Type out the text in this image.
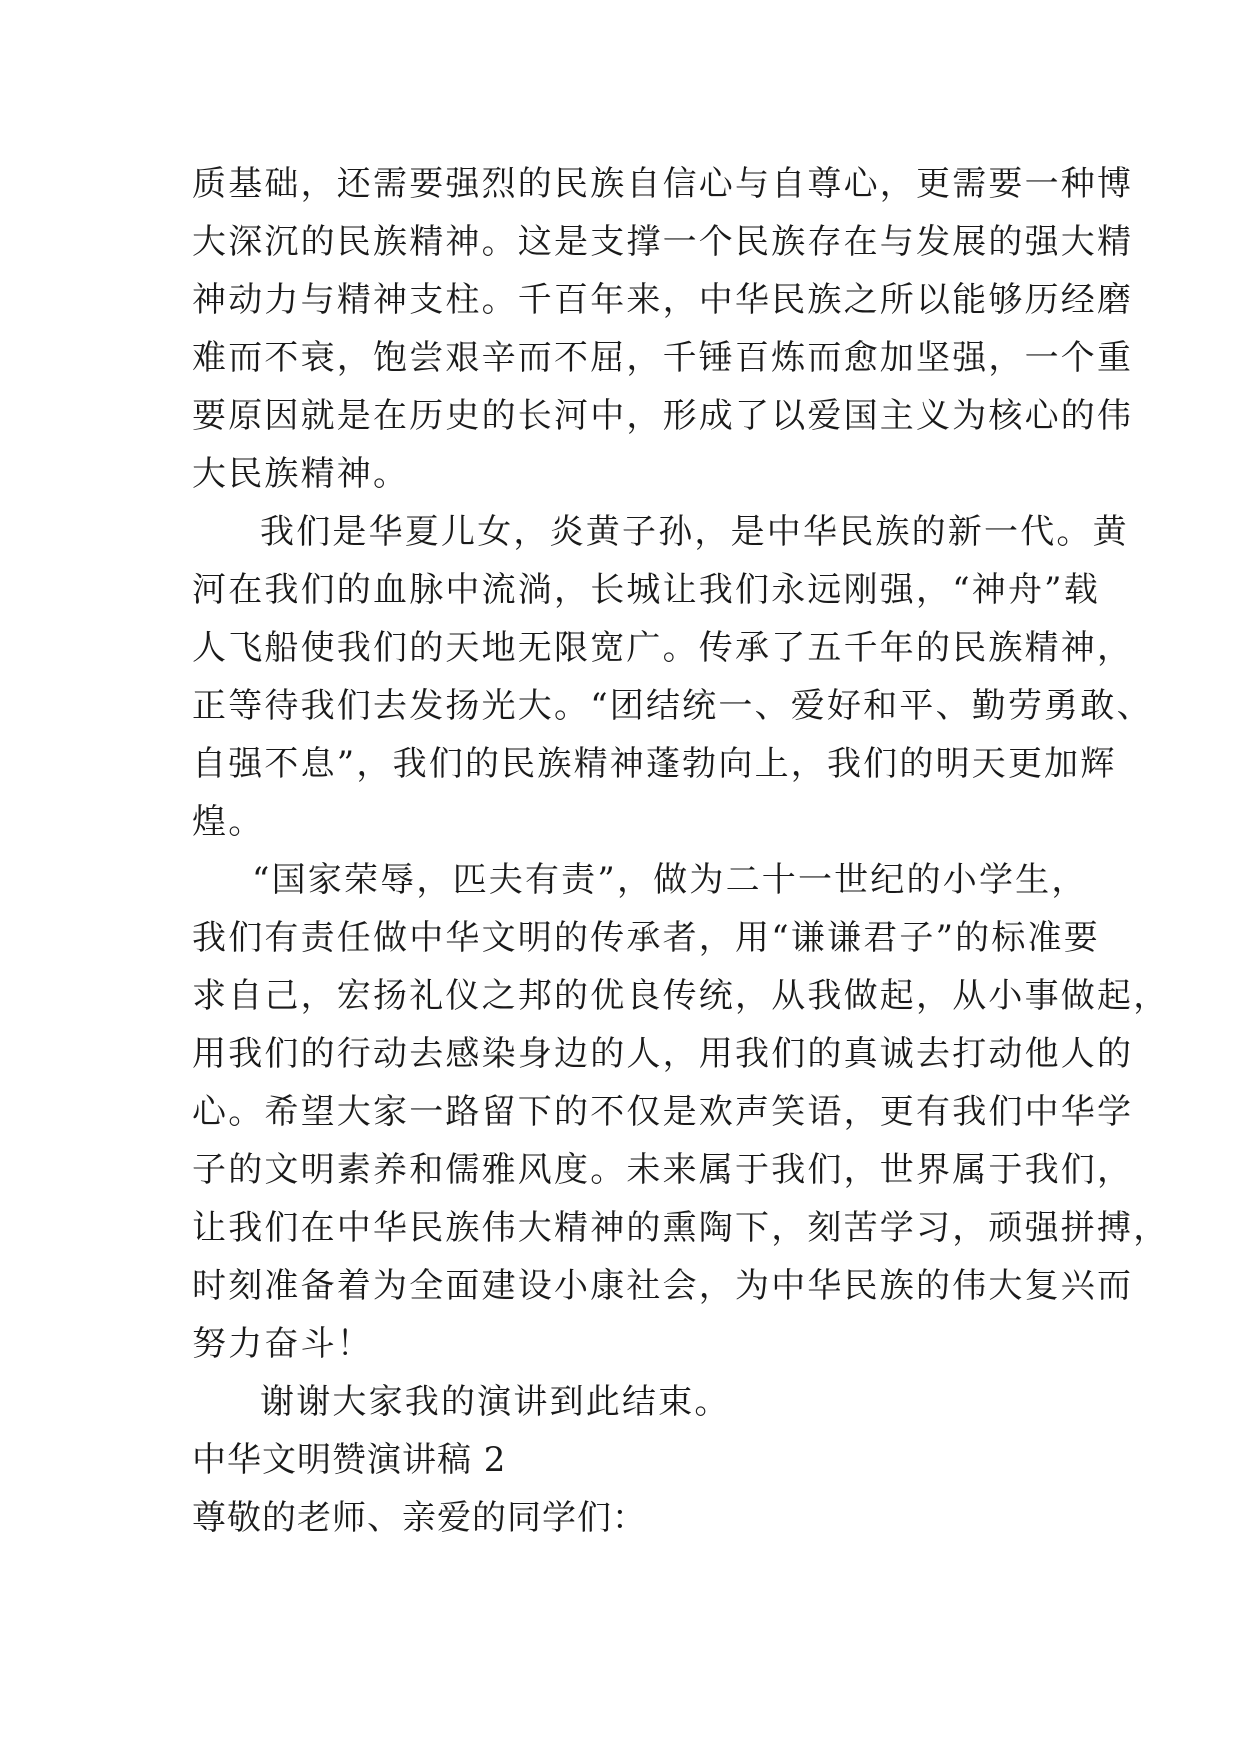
质基础，还需要强烈的民族自信心与自尊心，更需要一种博
大深沉的民族精神。这是支撑一个民族存在与发展的强大精
神动力与精神支柱。千百年来，中华民族之所以能够历经磨
难而不衰，饱尝艰辛而不屈，千锤百炼而愈加坚强，一个重
要原因就是在历史的长河中，形成了以爱国主义为核心的伟
大民族精神。
我们是华夏儿女，炎黄子孙，是中华民族的新一代。黄
河在我们的血脉中流淌，长城让我们永远刚强，“神舟”载
人飞船使我们的天地无限宽广。传承了五千年的民族精神，
正等待我们去发扬光大。“团结统一、爱好和平、勤劳勇敢、
自强不息”，我们的民族精神蓬勃向上，我们的明天更加辉
煌。
“国家荣辱，匹夫有责”，做为二十一世纪的小学生，
我们有责任做中华文明的传承者，用“谦谦君子”的标准要
求自己，宏扬礼仪之邦的优良传统，从我做起，从小事做起，
用我们的行动去感染身边的人，用我们的真诚去打动他人的
心。希望大家一路留下的不仅是欢声笑语，更有我们中华学
子的文明素养和儒雅风度。未来属于我们，世界属于我们，
让我们在中华民族伟大精神的熏陶下，刻苦学习，顽强拼搏，
时刻准备着为全面建设小康社会，为中华民族的伟大复兴而
努力奋斗！
谢谢大家我的演讲到此结束。
中华文明赞演讲稿 2
尊敬的老师、亲爱的同学们：
